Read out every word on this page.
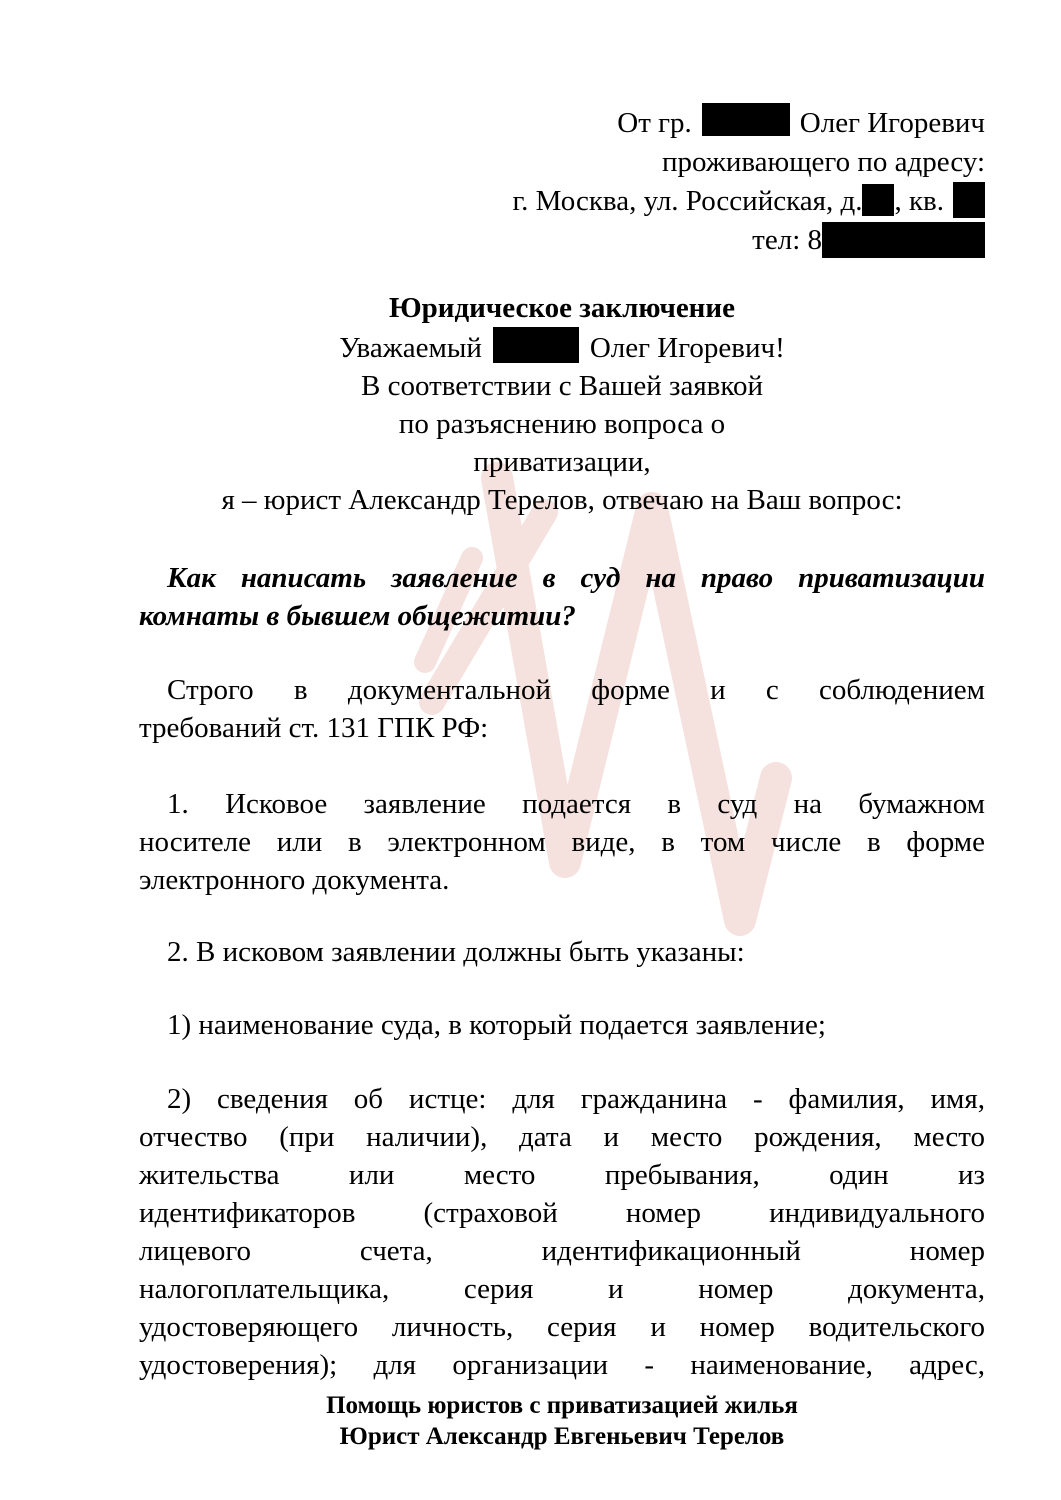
От гр.	Олег Игоревич
проживающего по адресу:
г. Москва, ул. Российская, д. , кв.
тел: 8
Юридическое заключение
Уважаемый	Олег Игоревич!
В соответствии с Вашей заявкой
по разъяснению вопроса о
приватизации,
я – юрист Александр Терелов, отвечаю на Ваш вопрос:
Как написать заявление в суд на право приватизации
комнаты в бывшем общежитии?
Строго в документальной форме и с соблюдением
требований ст. 131 ГПК РФ:
1. Исковое заявление подается в суд на бумажном
носителе или в электронном виде, в том числе в форме
электронного документа.
2. В исковом заявлении должны быть указаны:
1) наименование суда, в который подается заявление;
2) сведения об истце: для гражданина - фамилия, имя,
отчество (при наличии), дата и место рождения, место
жительства или место пребывания, один из
идентификаторов (страховой номер индивидуального
лицевого счета, идентификационный номер
налогоплательщика, серия и номер документа,
удостоверяющего личность, серия и номер водительского
удостоверения); для организации - наименование, адрес,
Помощь юристов с приватизацией жилья
Юрист Александр Евгеньевич Терелов
